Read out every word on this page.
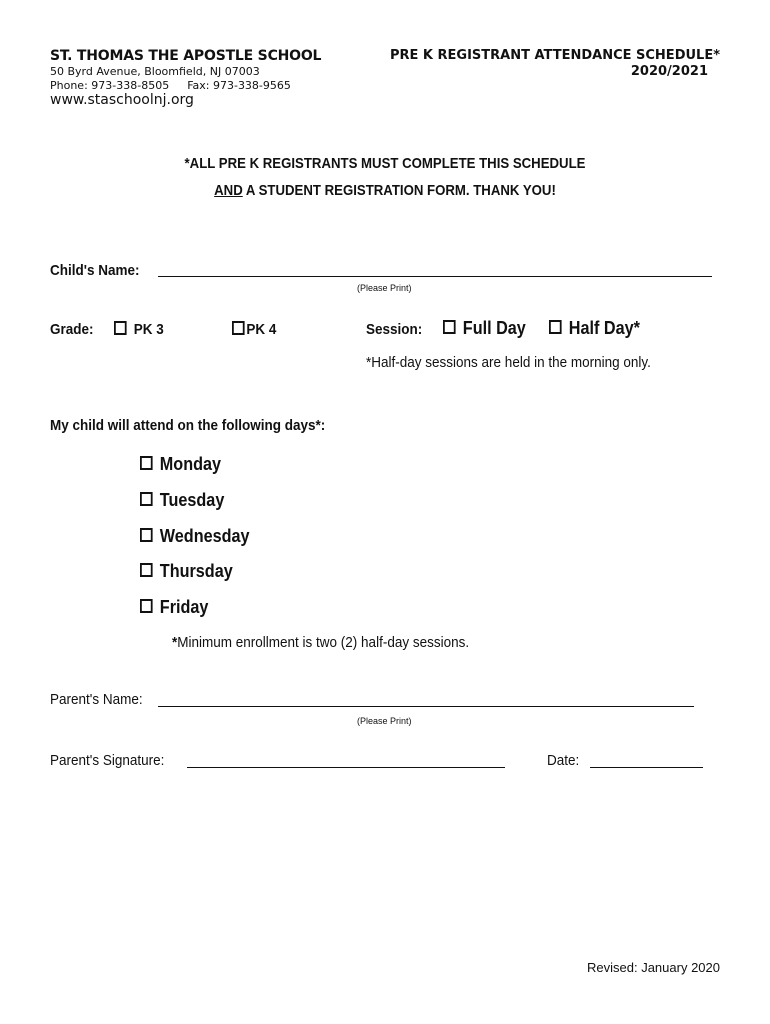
ST. THOMAS THE APOSTLE SCHOOL
50 Byrd Avenue, Bloomfield, NJ 07003
Phone: 973-338-8505 Fax: 973-338-9565
www.staschoolnj.org
PRE K REGISTRANT ATTENDANCE SCHEDULE*
2020/2021
*ALL PRE K REGISTRANTS MUST COMPLETE THIS SCHEDULE
AND A STUDENT REGISTRATION FORM. THANK YOU!
Child's Name:
(Please Print)
Grade:	PK 3	PK 4	Session:	Full Day	Half Day*
*Half-day sessions are held in the morning only.
My child will attend on the following days*:
Monday
Tuesday
Wednesday
Thursday
Friday
*Minimum enrollment is two (2) half-day sessions.
Parent's Name:
(Please Print)
Parent's Signature:	Date:
Revised: January 2020
